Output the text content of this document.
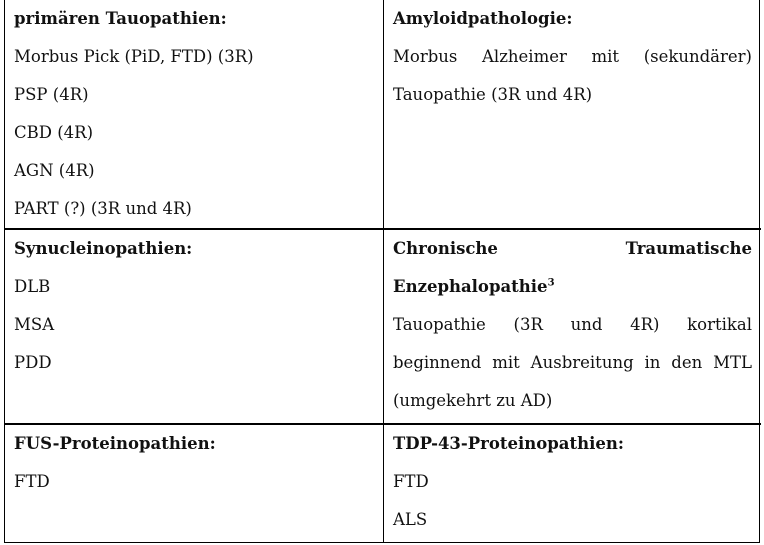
primären Tauopathien:
Morbus Pick (PiD, FTD) (3R)
PSP (4R)
CBD (4R)
AGN (4R)
PART (?) (3R und 4R)
Amyloidpathologie:
Morbus Alzheimer mit (sekundärer)
Tauopathie (3R und 4R)
Synucleinopathien:
DLB
MSA
PDD
Chronische Traumatische
Enzephalopathie$^3$
Tauopathie (3R und 4R) kortikal
beginnend mit Ausbreitung in den MTL
(umgekehrt zu AD)
FUS-Proteinopathien:
FTD
TDP-43-Proteinopathien:
FTD
ALS
